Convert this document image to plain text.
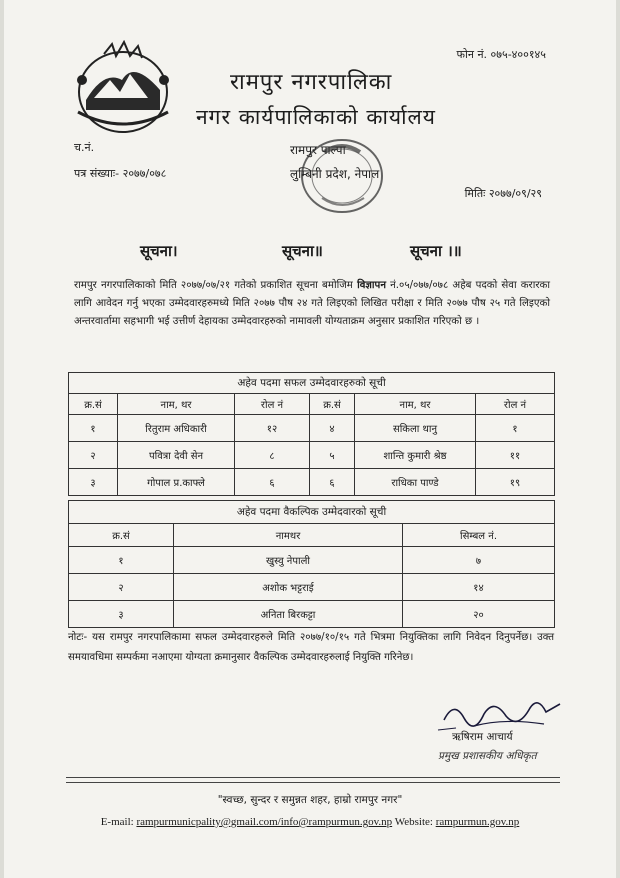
फोन नं. ०७५-४००१४५
रामपुर नगरपालिका
नगर कार्यपालिकाको कार्यालय
च.नं.
पत्र संख्याः- २०७७/०७८
रामपुर पाल्पा
लुम्बिनी प्रदेश, नेपाल
मितिः २०७७/०९/२९
सूचना।	सूचना॥	सूचना ।॥
रामपुर नगरपालिकाको मिति २०७७/०७/२१ गतेको प्रकाशित सूचना बमोजिम विज्ञापन नं.०५/०७७/०७८ अहेब पदको सेवा करारका लागि आवेदन गर्नु भएका उम्मेदवारहरुमध्ये मिति २०७७ पौष २४ गते लिइएको लिखित परीक्षा र मिति २०७७ पौष २५ गते लिइएको अन्तरवार्तामा सहभागी भई उत्तीर्ण देहायका उम्मेदवारहरुको नामावली योग्यताक्रम अनुसार प्रकाशित गरिएको छ ।
अहेव पदमा सफल उम्मेदवारहरुको सूची					
क्र.सं	नाम, थर	रोल नं	क्र.सं	नाम, थर	रोल नं
१	रितुराम अधिकारी	१२	४	सकिला थानु	१
२	पवित्रा देवी सेन	८	५	शान्ति कुमारी श्रेष्ठ	११
३	गोपाल प्र.काफ्ले	६	६	राधिका पाण्डे	१९
अहेव पदमा वैकल्पिक उम्मेदवारको सूची		
क्र.सं	नामथर	सिम्बल नं.
१	खुस्वु नेपाली	७
२	अशोक भट्टराई	१४
३	अनिता बिरकट्टा	२०
नोटः- यस रामपुर नगरपालिकामा सफल उम्मेदवारहरुले मिति २०७७/१०/१५ गते भित्रमा नियुक्तिका लागि निवेदन दिनुपर्नेछ। उक्त समयावधिमा सम्पर्कमा नआएमा योग्यता क्रमानुसार वैकल्पिक उम्मेदवारहरुलाई नियुक्ति गरिनेछ।
ऋषिराम आचार्य
प्रमुख प्रशासकीय अधिकृत
"स्वच्छ, सुन्दर र समुन्नत शहर, हाम्रो रामपुर नगर"
E-mail: rampurmunicpality@gmail.com/info@rampurmun.gov.np Website: rampurmun.gov.np
